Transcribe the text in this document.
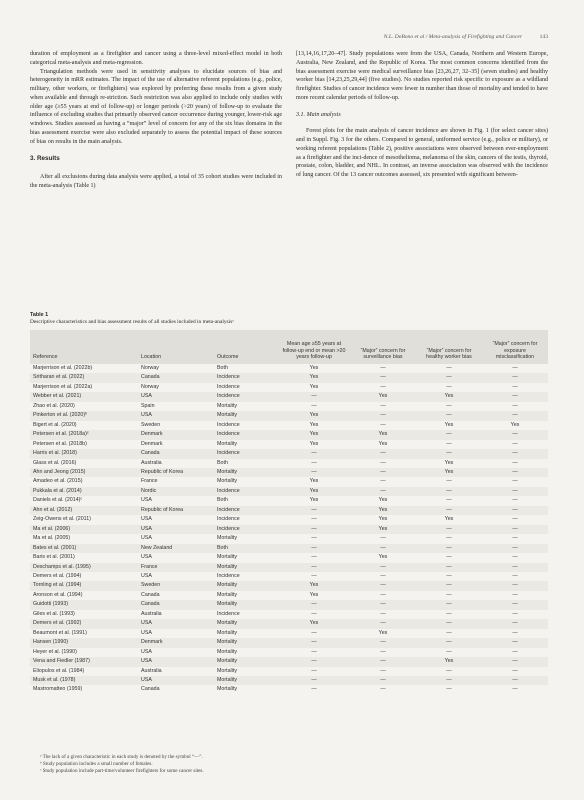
N.L. DeBono et al / Meta-analysis of Firefighting and Cancer	143

duration of employment as a firefighter and cancer using a three-level mixed-effect model in both categorical meta-analysis and meta-regression.

Triangulation methods were used in sensitivity analyses to elucidate sources of bias and heterogeneity in mRR estimates. The impact of the use of alternative referent populations (e.g., police, military, other workers, or firefighters) was explored by preferring these results from a given study when available and through re-striction. Such restriction was also applied to include only studies with older age (≥55 years at end of follow-up) or longer periods (>20 years) of follow-up to evaluate the influence of excluding studies that primarily observed cancer occurrence during younger, lower-risk age windows. Studies assessed as having a “major” level of concern for any of the six bias domains in the bias assessment exercise were also excluded separately to assess the potential impact of these sources of bias on results in the main analysis.

3. Results

After all exclusions during data analysis were applied, a total of 35 cohort studies were included in the meta-analysis (Table 1)

[13,14,16,17,20–47]. Study populations were from the USA, Canada, Northern and Western Europe, Australia, New Zealand, and the Republic of Korea. The most common concerns identified from the bias assessment exercise were medical surveillance bias [23,26,27, 32–35] (seven studies) and healthy worker bias [14,23,25,29,44] (five studies). No studies reported risk specific to exposure as a wildland firefighter. Studies of cancer incidence were fewer in number than those of mortality and tended to have more recent calendar periods of follow-up.

3.1. Main analysis

Forest plots for the main analysis of cancer incidence are shown in Fig. 1 (for select cancer sites) and in Suppl. Fig. 3 for the others. Compared to general, uniformed service (e.g., police or military), or working referent populations (Table 2), positive associations were observed between ever-employment as a firefighter and the inci-dence of mesothelioma, melanoma of the skin, cancers of the testis, thyroid, prostate, colon, bladder, and NHL. In contrast, an inverse association was observed with the incidence of lung cancer. Of the 13 cancer outcomes assessed, six presented with significant between-

Table 1
Descriptive characteristics and bias assessment results of all studies included in meta-analysisᵃ
Reference	Location	Outcome	Mean age ≥55 years at follow-up end or mean >20 years follow-up	“Major” concern for surveillance bias	“Major” concern for healthy worker bias	“Major” concern for exposure misclassification
Marjerrison et al. (2022b)	Norway	Both	Yes	—	—	—
Sritharan et al. (2022)	Canada	Incidence	Yes	—	—	—
Marjerrison et al. (2022a)	Norway	Incidence	Yes	—	—	—
Webber et al. (2021)	USA	Incidence	—	Yes	Yes	—
Zhao et al. (2020)	Spain	Mortality	—	—	—	—
Pinkerton et al. (2020)ᵇ	USA	Mortality	Yes	—	—	—
Bigert et al. (2020)	Sweden	Incidence	Yes	—	Yes	Yes
Petersen et al. (2018a)ᶜ	Denmark	Incidence	Yes	Yes	—	—
Petersen et al. (2018b)	Denmark	Mortality	Yes	Yes	—	—
Harris et al. (2018)	Canada	Incidence	—	—	—	—
Glass et al. (2016)	Australia	Both	—	—	Yes	—
Ahn and Jeong (2015)	Republic of Korea	Mortality	—	—	Yes	—
Amadeo et al. (2015)	France	Mortality	Yes	—	—	—
Pukkala et al. (2014)	Nordic	Incidence	Yes	—	—	—
Daniels et al. (2014)ᶜ	USA	Both	Yes	Yes	—	—
Ahn et al. (2012)	Republic of Korea	Incidence	—	Yes	—	—
Zeig-Owens et al. (2011)	USA	Incidence	—	Yes	Yes	—
Ma et al. (2006)	USA	Incidence	—	Yes	—	—
Ma et al. (2005)	USA	Mortality	—	—	—	—
Bates et al. (2001)	New Zealand	Both	—	—	—	—
Baris et al. (2001)	USA	Mortality	—	Yes	—	—
Deschamps et al. (1995)	France	Mortality	—	—	—	—
Demers et al. (1994)	USA	Incidence	—	—	—	—
Tornling et al. (1994)	Sweden	Mortality	Yes	—	—	—
Aronson et al. (1994)	Canada	Mortality	Yes	—	—	—
Guidotti (1993)	Canada	Mortality	—	—	—	—
Giles et al. (1993)	Australia	Incidence	—	—	—	—
Demers et al. (1992)	USA	Mortality	Yes	—	—	—
Beaumont et al. (1991)	USA	Mortality	—	Yes	—	—
Hansen (1990)	Denmark	Mortality	—	—	—	—
Heyer et al. (1990)	USA	Mortality	—	—	—	—
Vena and Fiedler (1987)	USA	Mortality	—	—	Yes	—
Eliopulos et al. (1984)	Australia	Mortality	—	—	—	—
Musk et al. (1978)	USA	Mortality	—	—	—	—
Mastromatteo (1959)	Canada	Mortality	—	—	—	—
ᵃ The lack of a given characteristic in each study is denoted by the symbol “—”.
ᵇ Study population includes a small number of females.
ᶜ Study population include part-time/volunteer firefighters for some cancer sites.
